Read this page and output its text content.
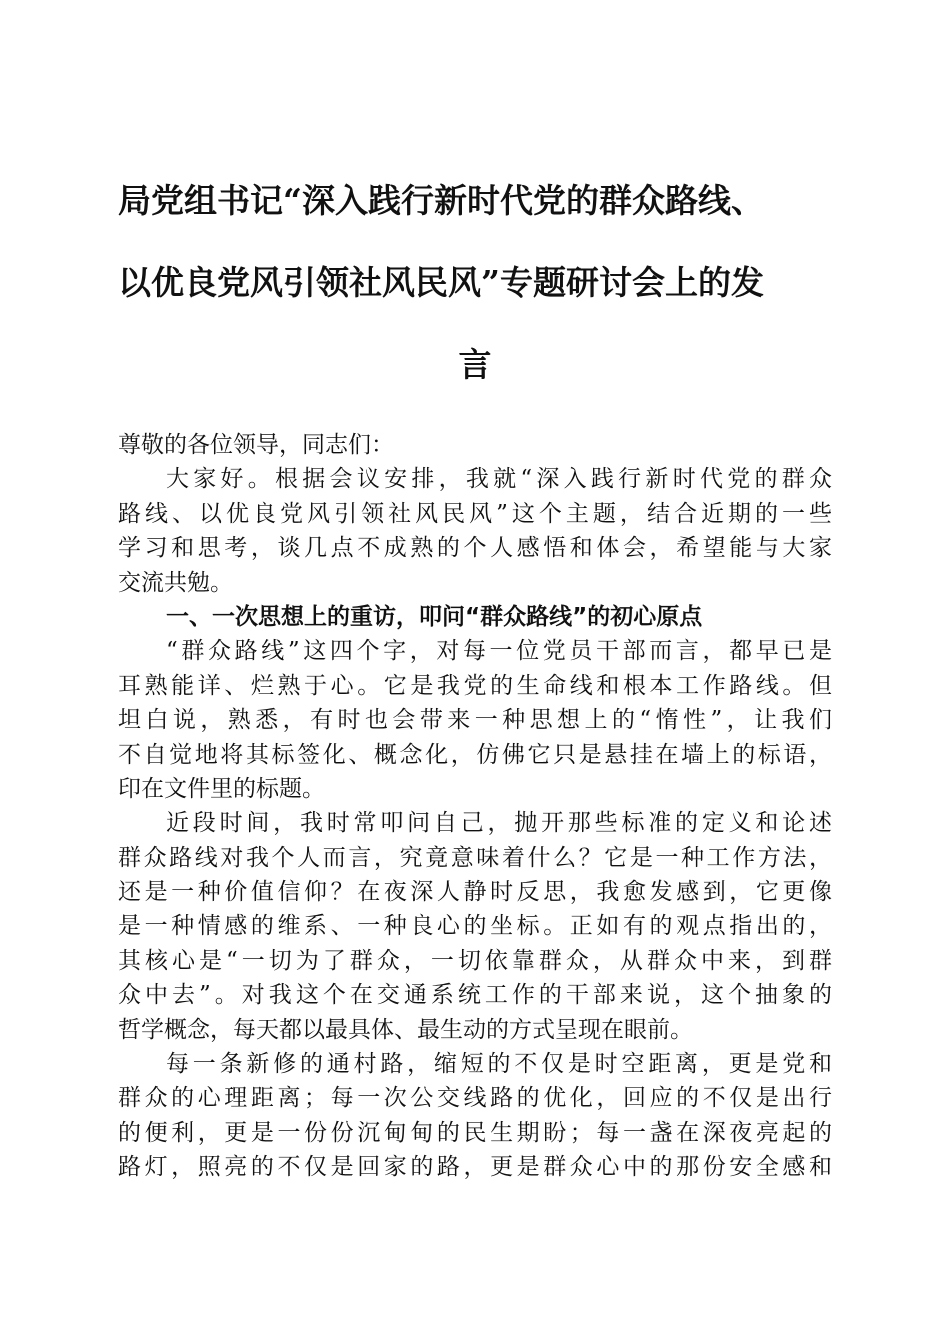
局党组书记“深入践行新时代党的群众路线、
以优良党风引领社风民风”专题研讨会上的发
言
尊敬的各位领导，同志们：
大家好。根据会议安排，我就“深入践行新时代党的群众
路线、以优良党风引领社风民风”这个主题，结合近期的一些
学习和思考，谈几点不成熟的个人感悟和体会，希望能与大家
交流共勉。
一、一次思想上的重访，叩问“群众路线”的初心原点
“群众路线”这四个字，对每一位党员干部而言，都早已是
耳熟能详、烂熟于心。它是我党的生命线和根本工作路线。但
坦白说，熟悉，有时也会带来一种思想上的“惰性”，让我们
不自觉地将其标签化、概念化，仿佛它只是悬挂在墙上的标语，
印在文件里的标题。
近段时间，我时常叩问自己，抛开那些标准的定义和论述
群众路线对我个人而言，究竟意味着什么？它是一种工作方法，
还是一种价值信仰？在夜深人静时反思，我愈发感到，它更像
是一种情感的维系、一种良心的坐标。正如有的观点指出的，
其核心是“一切为了群众，一切依靠群众，从群众中来，到群
众中去”。对我这个在交通系统工作的干部来说，这个抽象的
哲学概念，每天都以最具体、最生动的方式呈现在眼前。
每一条新修的通村路，缩短的不仅是时空距离，更是党和
群众的心理距离；每一次公交线路的优化，回应的不仅是出行
的便利，更是一份份沉甸甸的民生期盼；每一盏在深夜亮起的
路灯，照亮的不仅是回家的路，更是群众心中的那份安全感和
